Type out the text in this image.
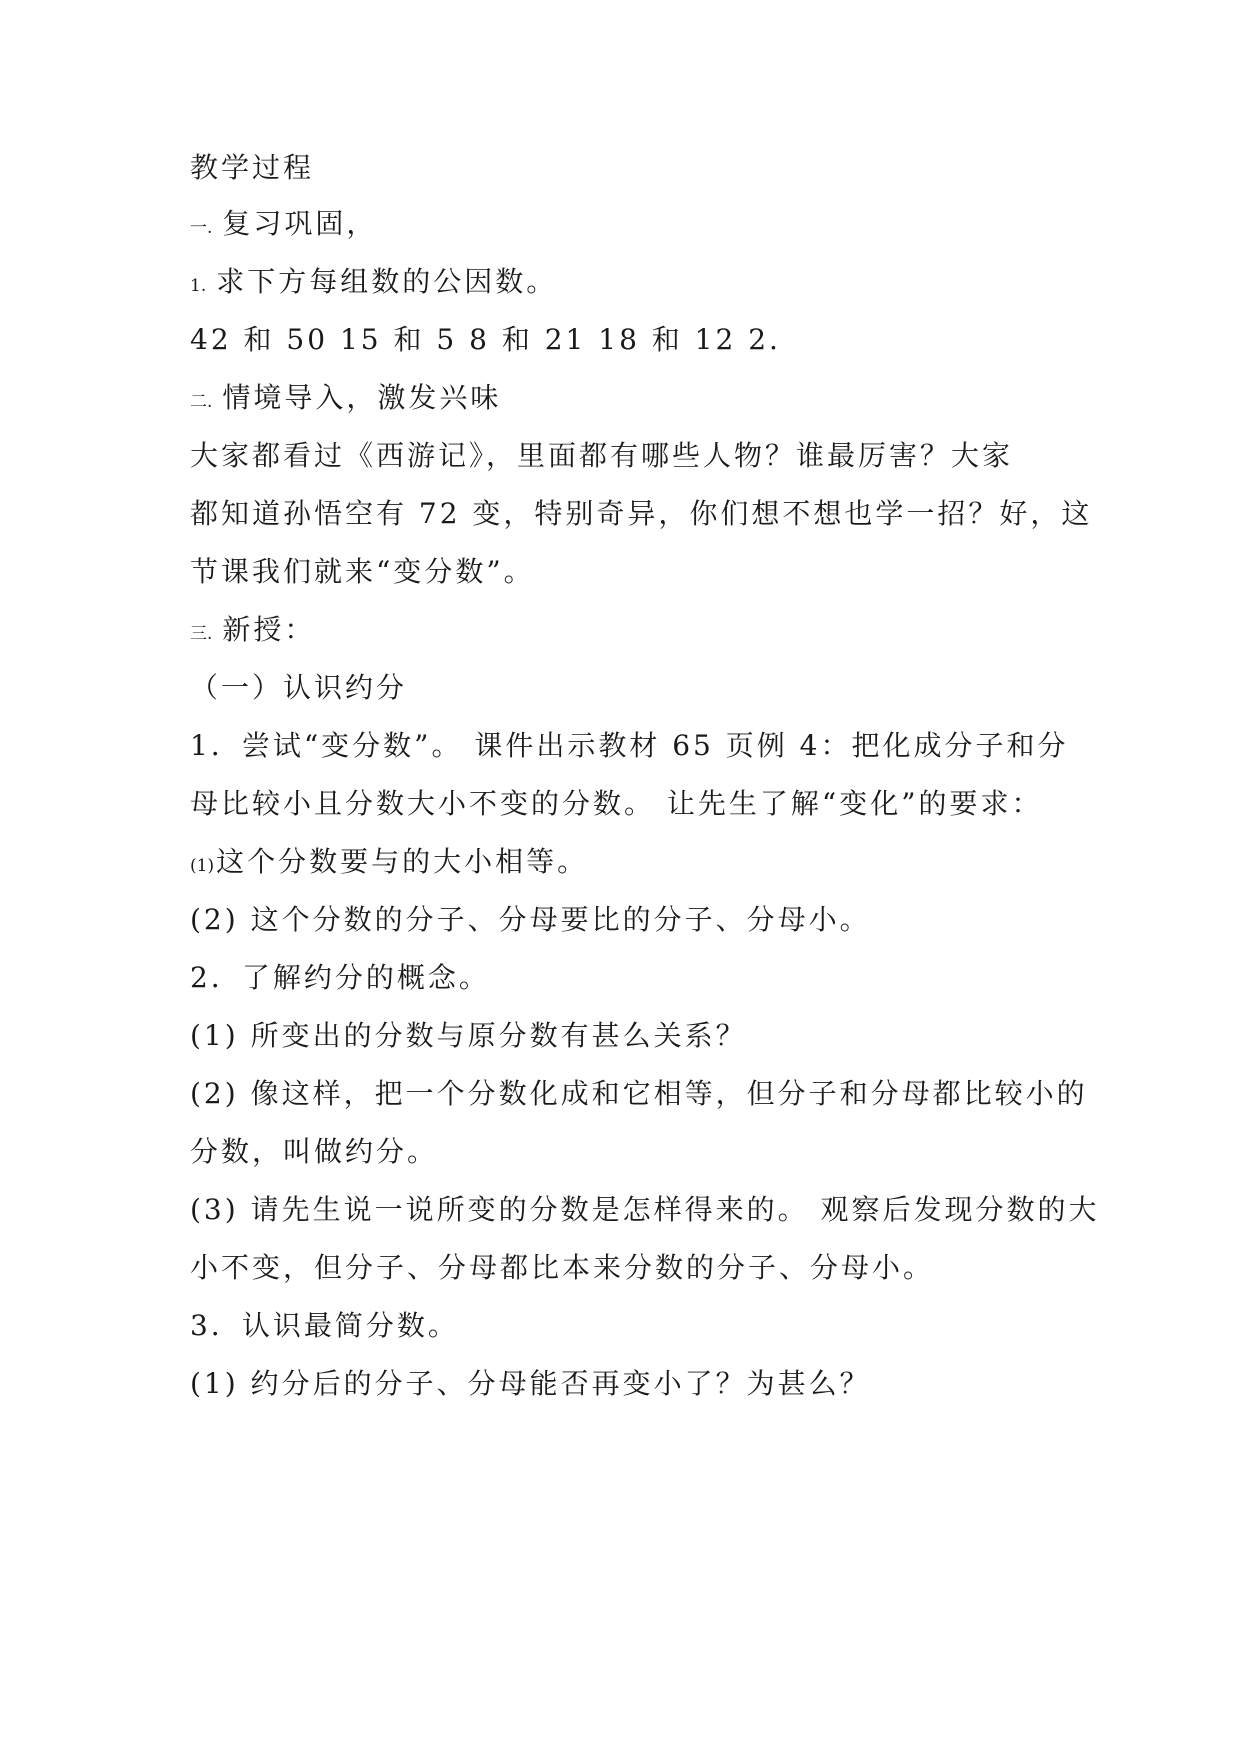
教学过程
一. 复习巩固，
1. 求下方每组数的公因数。
42 和 50 15 和 5 8 和 21 18 和 12 2.
二. 情境导入，激发兴味
大家都看过《西游记》，里面都有哪些人物？谁最厉害？大家
都知道孙悟空有 72 变，特别奇异，你们想不想也学一招？好，这
节课我们就来“变分数”。
三. 新授：
（一）认识约分
1．尝试“变分数”。 课件出示教材 65 页例 4：把化成分子和分
母比较小且分数大小不变的分数。 让先生了解“变化”的要求：
(1)这个分数要与的大小相等。
(2) 这个分数的分子、分母要比的分子、分母小。
2．了解约分的概念。
(1) 所变出的分数与原分数有甚么关系？
(2) 像这样，把一个分数化成和它相等，但分子和分母都比较小的
分数，叫做约分。
(3) 请先生说一说所变的分数是怎样得来的。 观察后发现分数的大
小不变，但分子、分母都比本来分数的分子、分母小。
3．认识最简分数。
(1) 约分后的分子、分母能否再变小了？为甚么？
